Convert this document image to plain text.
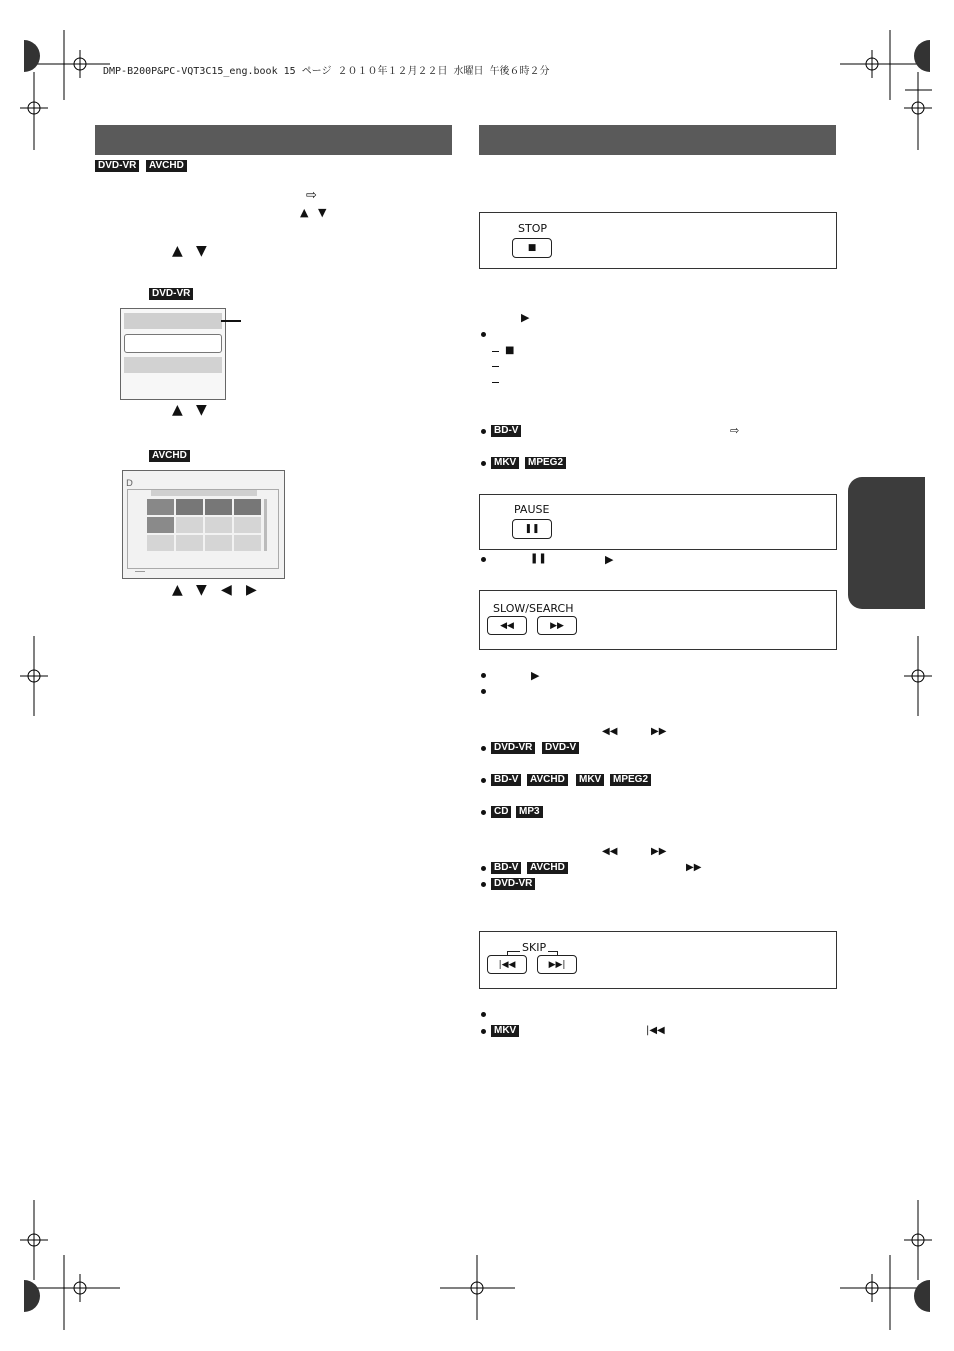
DMP-B200P&PC-VQT3C15_eng.book 15 ページ ２０１０年１２月２２日 水曜日 午後６時２分
DVD-VR	AVCHD
⇨
▲ ▼
▲ ▼
DVD-VR
▲ ▼
AVCHD
D
▲ ▼ ◀ ▶
STOP
■
▶
■
BD-V	⇨
MKV	MPEG2
PAUSE
❚❚
❚❚	▶
SLOW/SEARCH
◀◀	▶▶
▶
◀◀	▶▶
DVD-VR	DVD-V
BD-V	AVCHD	MKV	MPEG2
CD	MP3
◀◀	▶▶
BD-V	AVCHD	▶▶
DVD-VR
SKIP
|◀◀	▶▶|
MKV	|◀◀
